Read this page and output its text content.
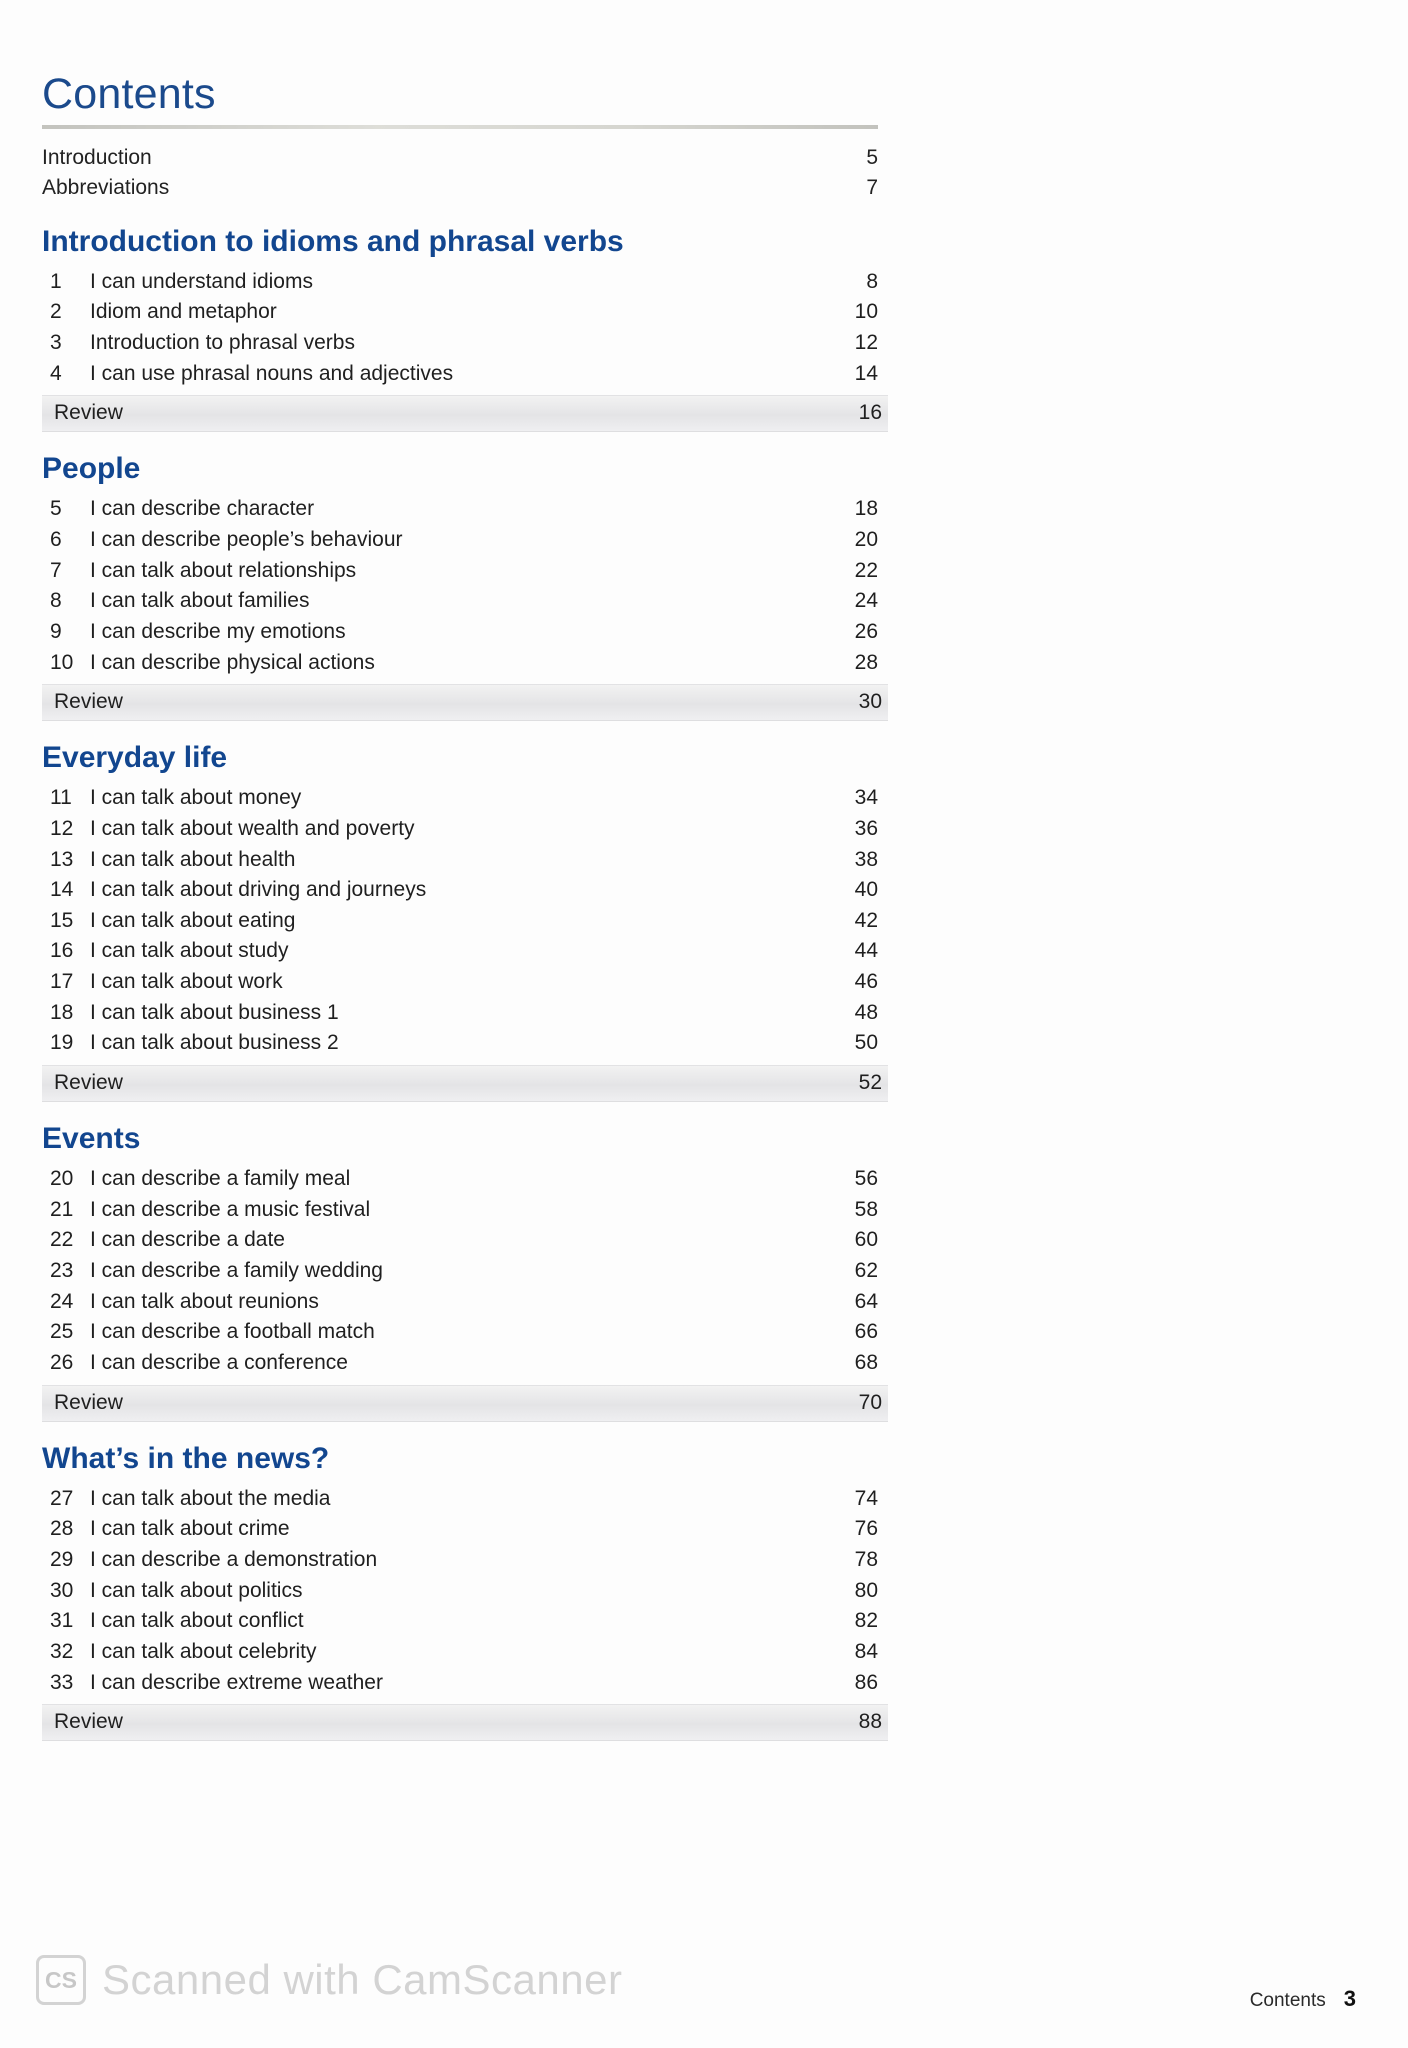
Contents
Introduction	5
Abbreviations	7
Introduction to idioms and phrasal verbs
1	I can understand idioms	8
2	Idiom and metaphor	10
3	Introduction to phrasal verbs	12
4	I can use phrasal nouns and adjectives	14
Review	16
People
5	I can describe character	18
6	I can describe people’s behaviour	20
7	I can talk about relationships	22
8	I can talk about families	24
9	I can describe my emotions	26
10 I can describe physical actions	28
Review	30
Everyday life
11 I can talk about money	34
12 I can talk about wealth and poverty	36
13 I can talk about health	38
14 I can talk about driving and journeys	40
15 I can talk about eating	42
16 I can talk about study	44
17 I can talk about work	46
18 I can talk about business 1	48
19 I can talk about business 2	50
Review	52
Events
20 I can describe a family meal	56
21 I can describe a music festival	58
22 I can describe a date	60
23 I can describe a family wedding	62
24 I can talk about reunions	64
25 I can describe a football match	66
26 I can describe a conference	68
Review	70
What’s in the news?
27 I can talk about the media	74
28 I can talk about crime	76
29 I can describe a demonstration	78
30 I can talk about politics	80
31 I can talk about conflict	82
32 I can talk about celebrity	84
33 I can describe extreme weather	86
Review	88
CS Scanned with CamScanner	Contents 3
